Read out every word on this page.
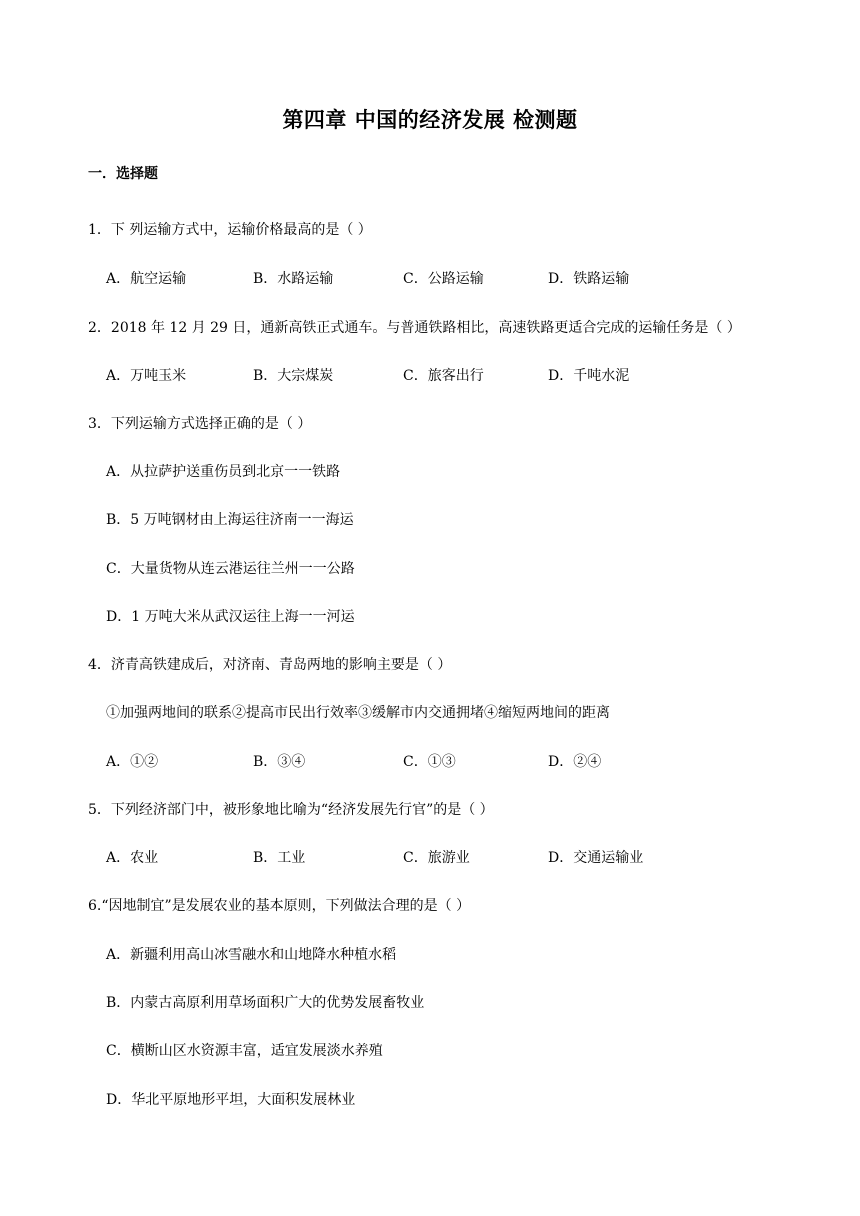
第四章 中国的经济发展 检测题
一．选择题
1．下 列运输方式中，运输价格最高的是（ ）
A．航空运输	B．水路运输	C．公路运输	D．铁路运输
2．2018 年 12 月 29 日，通新高铁正式通车。与普通铁路相比，高速铁路更适合完成的运输任务是（ ）
A．万吨玉米	B．大宗煤炭	C．旅客出行	D．千吨水泥
3．下列运输方式选择正确的是（ ）
A．从拉萨护送重伤员到北京一一铁路
B．5 万吨钢材由上海运往济南一一海运
C．大量货物从连云港运往兰州一一公路
D．1 万吨大米从武汉运往上海一一河运
4．济青高铁建成后，对济南、青岛两地的影响主要是（ ）
①加强两地间的联系②提高市民出行效率③缓解市内交通拥堵④缩短两地间的距离
A．①②	B．③④	C．①③	D．②④
5．下列经济部门中，被形象地比喻为“经济发展先行官”的是（ ）
A．农业	B．工业	C．旅游业	D．交通运输业
6.“因地制宜”是发展农业的基本原则，下列做法合理的是（ ）
A．新疆利用高山冰雪融水和山地降水种植水稻
B．内蒙古高原利用草场面积广大的优势发展畜牧业
C．横断山区水资源丰富，适宜发展淡水养殖
D．华北平原地形平坦，大面积发展林业
